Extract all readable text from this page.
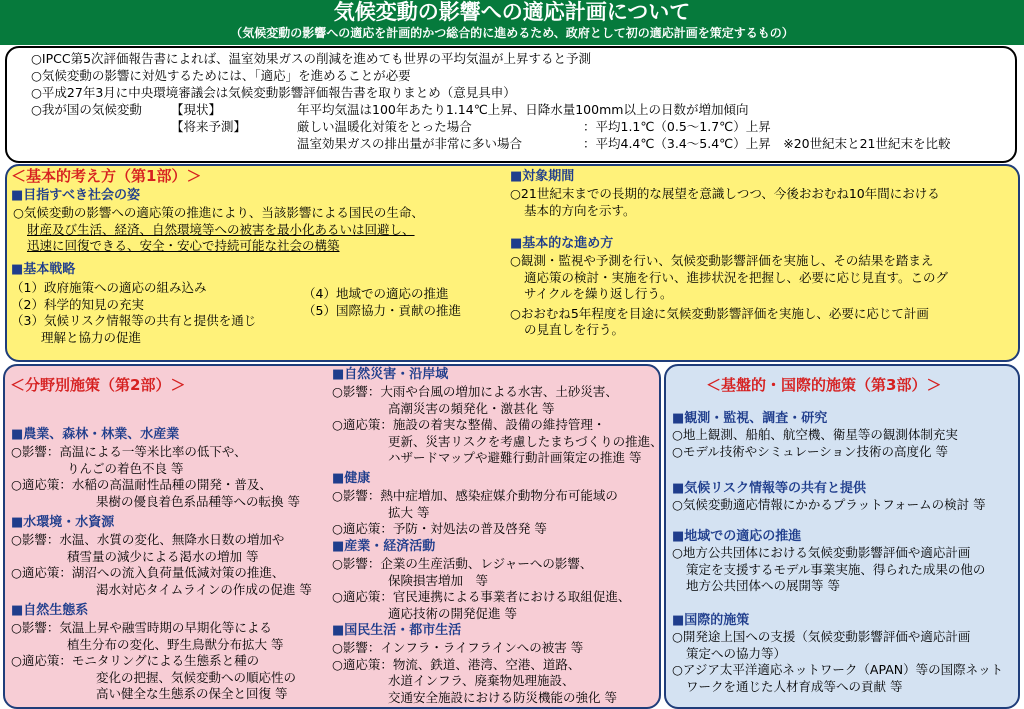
気候変動の影響への適応計画について
（気候変動の影響への適応を計画的かつ総合的に進めるため、政府として初の適応計画を策定するもの）
○IPCC第5次評価報告書によれば、温室効果ガスの削減を進めても世界の平均気温が上昇すると予測
○気候変動の影響に対処するためには、「適応」を進めることが必要
○平成27年3月に中央環境審議会は気候変動影響評価報告書を取りまとめ（意見具申）
○我が国の気候変動 【現状】	年平均気温は100年あたり1.14℃上昇、日降水量100mm以上の日数が増加傾向
【将来予測】	厳しい温暖化対策をとった場合	：平均1.1℃（0.5～1.7℃）上昇
温室効果ガスの排出量が非常に多い場合	：平均4.4℃（3.4～5.4℃）上昇　※20世紀末と21世紀末を比較
＜基本的考え方（第1部）＞
■目指すべき社会の姿
○気候変動の影響への適応策の推進により、当該影響による国民の生命、
財産及び生活、経済、自然環境等への被害を最小化あるいは回避し、
迅速に回復できる、安全・安心で持続可能な社会の構築
■基本戦略
（1）政府施策への適応の組み込み
（2）科学的知見の充実
（3）気候リスク情報等の共有と提供を通じ
理解と協力の促進
（4）地域での適応の推進
（5）国際協力・貢献の推進
■対象期間
○21世紀末までの長期的な展望を意識しつつ、今後おおむね10年間における
基本的方向を示す。
■基本的な進め方
○観測・監視や予測を行い、気候変動影響評価を実施し、その結果を踏まえ
適応策の検討・実施を行い、進捗状況を把握し、必要に応じ見直す。このグ
サイクルを繰り返し行う。
○おおむね5年程度を目途に気候変動影響評価を実施し、必要に応じて計画
の見直しを行う。
＜分野別施策（第2部）＞
■農業、森林・林業、水産業
○影響：高温による一等米比率の低下や、
りんごの着色不良 等
○適応策：水稲の高温耐性品種の開発・普及、
果樹の優良着色系品種等への転換 等
■水環境・水資源
○影響：水温、水質の変化、無降水日数の増加や
積雪量の減少による渇水の増加 等
○適応策：湖沼への流入負荷量低減対策の推進、
渇水対応タイムラインの作成の促進 等
■自然生態系
○影響：気温上昇や融雪時期の早期化等による
植生分布の変化、野生鳥獣分布拡大 等
○適応策：モニタリングによる生態系と種の
変化の把握、気候変動への順応性の
高い健全な生態系の保全と回復 等
■自然災害・沿岸域
○影響：大雨や台風の増加による水害、土砂災害、
高潮災害の頻発化・激甚化 等
○適応策：施設の着実な整備、設備の維持管理・
更新、災害リスクを考慮したまちづくりの推進、
ハザードマップや避難行動計画策定の推進 等
■健康
○影響：熱中症増加、感染症媒介動物分布可能域の
拡大 等
○適応策：予防・対処法の普及啓発 等
■産業・経済活動
○影響：企業の生産活動、レジャーへの影響、
保険損害増加　等
○適応策：官民連携による事業者における取組促進、
適応技術の開発促進 等
■国民生活・都市生活
○影響：インフラ・ライフラインへの被害 等
○適応策：物流、鉄道、港湾、空港、道路、
水道インフラ、廃棄物処理施設、
交通安全施設における防災機能の強化 等
＜基盤的・国際的施策（第3部）＞
■観測・監視、調査・研究
○地上観測、船舶、航空機、衛星等の観測体制充実
○モデル技術やシミュレーション技術の高度化 等
■気候リスク情報等の共有と提供
○気候変動適応情報にかかるプラットフォームの検討 等
■地域での適応の推進
○地方公共団体における気候変動影響評価や適応計画
策定を支援するモデル事業実施、得られた成果の他の
地方公共団体への展開等 等
■国際的施策
○開発途上国への支援（気候変動影響評価や適応計画
策定への協力等）
○アジア太平洋適応ネットワーク（APAN）等の国際ネット
ワークを通じた人材育成等への貢献 等
